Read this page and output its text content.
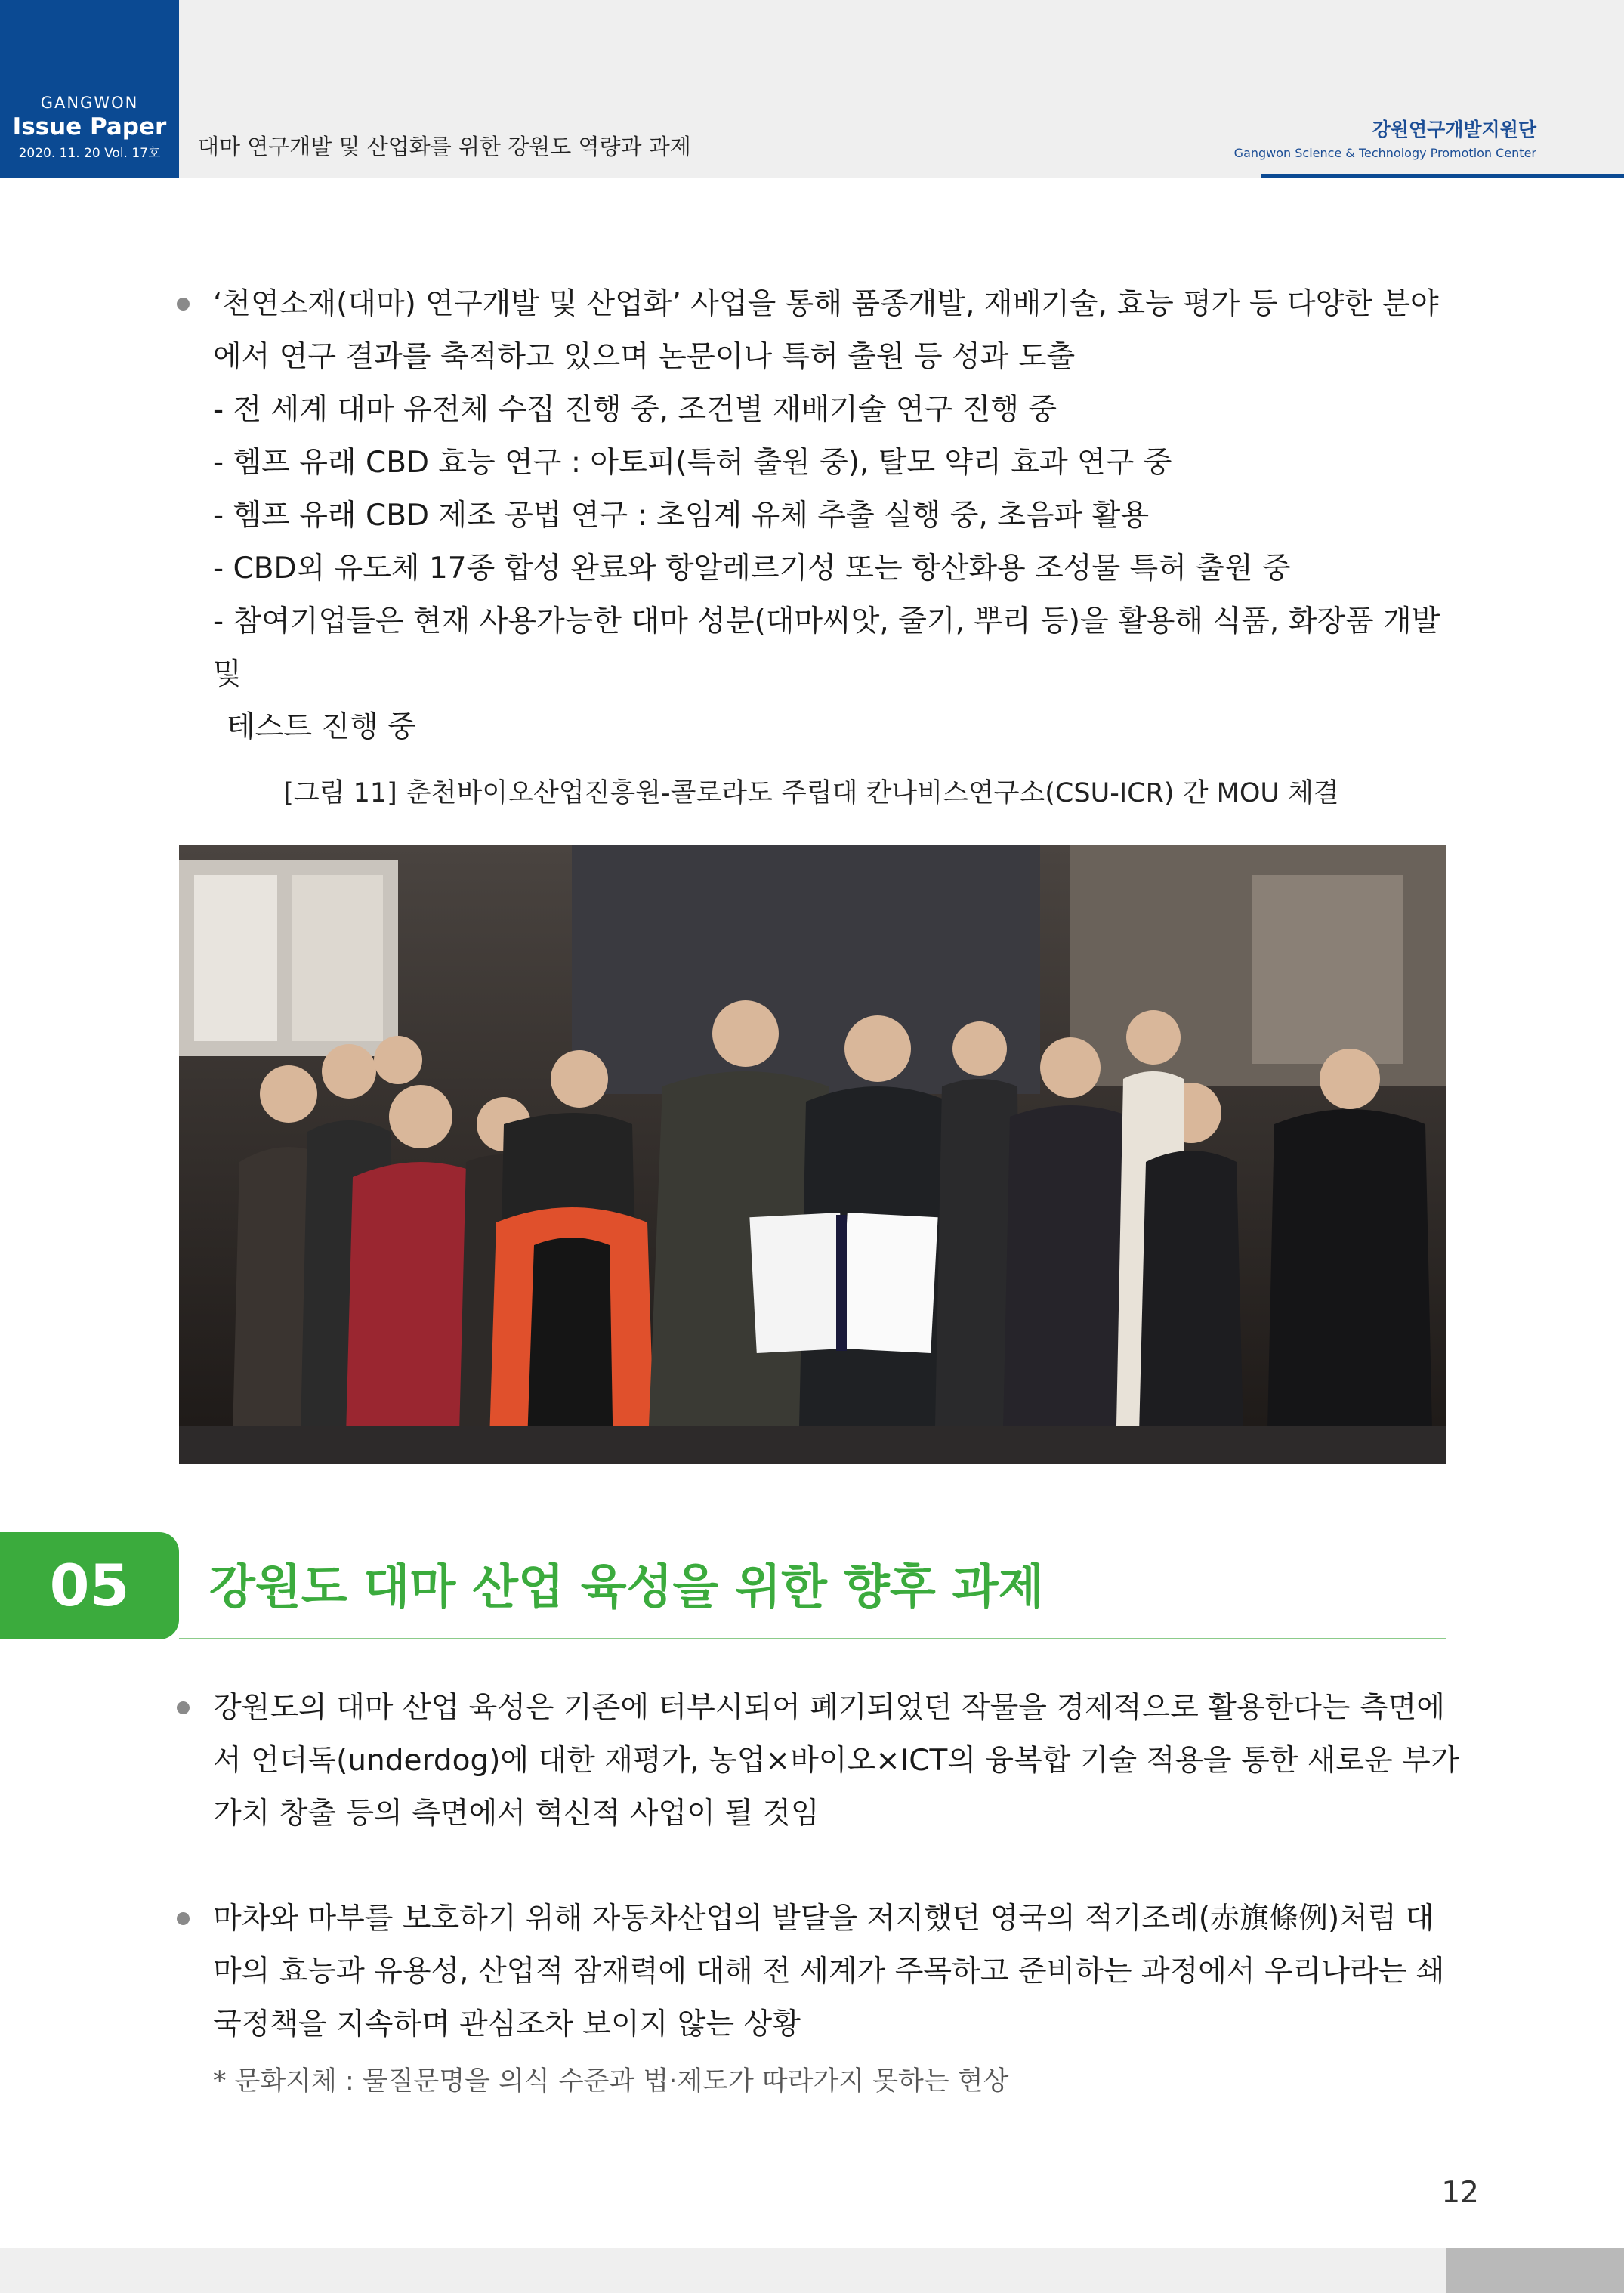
GANGWON
Issue Paper
2020. 11. 20 Vol. 17호	대마 연구개발 및 산업화를 위한 강원도 역량과 과제
강원연구개발지원단
Gangwon Science & Technology Promotion Center
‘천연소재(대마) 연구개발 및 산업화’ 사업을 통해 품종개발, 재배기술, 효능 평가 등 다양한 분야에서 연구 결과를 축적하고 있으며 논문이나 특허 출원 등 성과 도출
- 전 세계 대마 유전체 수집 진행 중, 조건별 재배기술 연구 진행 중
- 헴프 유래 CBD 효능 연구 : 아토피(특허 출원 중), 탈모 약리 효과 연구 중
- 헴프 유래 CBD 제조 공법 연구 : 초임계 유체 추출 실행 중, 초음파 활용
- CBD외 유도체 17종 합성 완료와 항알레르기성 또는 항산화용 조성물 특허 출원 중
- 참여기업들은 현재 사용가능한 대마 성분(대마씨앗, 줄기, 뿌리 등)을 활용해 식품, 화장품 개발 및
테스트 진행 중
[그림 11] 춘천바이오산업진흥원-콜로라도 주립대 칸나비스연구소(CSU-ICR) 간 MOU 체결
05	강원도 대마 산업 육성을 위한 향후 과제
강원도의 대마 산업 육성은 기존에 터부시되어 폐기되었던 작물을 경제적으로 활용한다는 측면에서 언더독(underdog)에 대한 재평가, 농업×바이오×ICT의 융복합 기술 적용을 통한 새로운 부가가치 창출 등의 측면에서 혁신적 사업이 될 것임
마차와 마부를 보호하기 위해 자동차산업의 발달을 저지했던 영국의 적기조례(赤旗條例)처럼 대마의 효능과 유용성, 산업적 잠재력에 대해 전 세계가 주목하고 준비하는 과정에서 우리나라는 쇄국정책을 지속하며 관심조차 보이지 않는 상황
* 문화지체 : 물질문명을 의식 수준과 법·제도가 따라가지 못하는 현상
12
